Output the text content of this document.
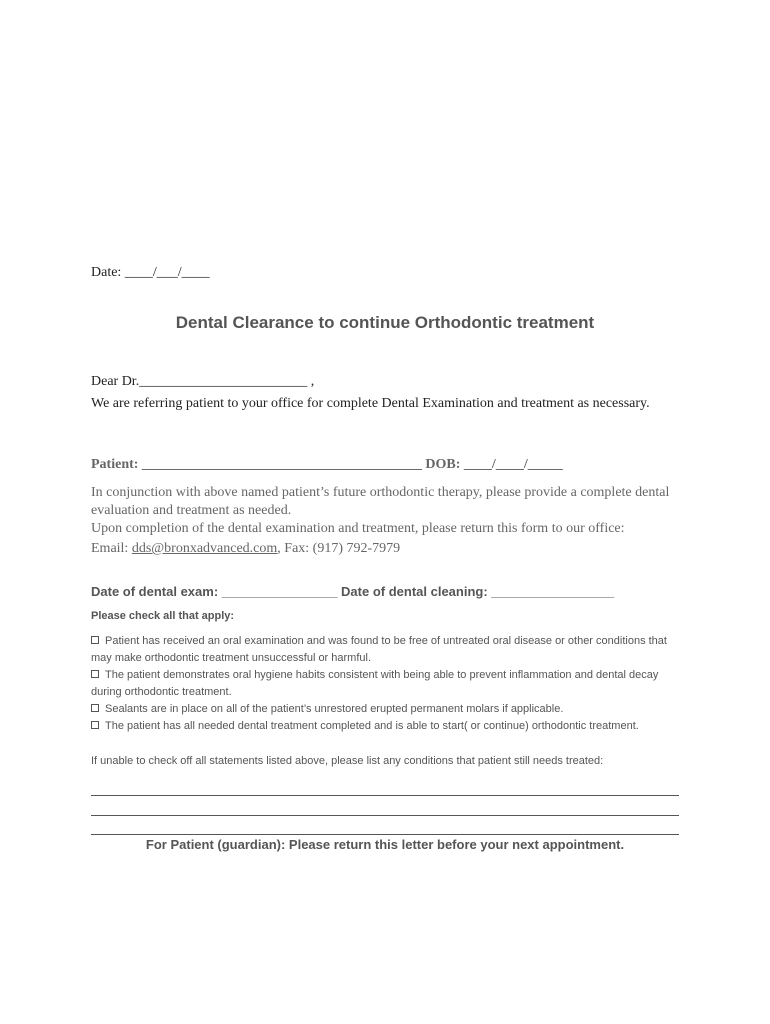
Date: ____/___/____
Dental Clearance to continue Orthodontic treatment
Dear Dr.________________________ ,
We are referring patient to your office for complete Dental Examination and treatment as necessary.
Patient: ________________________________________ DOB: ____/____/_____
In conjunction with above named patient’s future orthodontic therapy, please provide a complete dental evaluation and treatment as needed.
Upon completion of the dental examination and treatment, please return this form to our office:
Email: dds@bronxadvanced.com, Fax: (917) 792-7979
Date of dental exam: ________________ Date of dental cleaning: _________________
Please check all that apply:
Patient has received an oral examination and was found to be free of untreated oral disease or other conditions that may make orthodontic treatment unsuccessful or harmful.
The patient demonstrates oral hygiene habits consistent with being able to prevent inflammation and dental decay during orthodontic treatment.
Sealants are in place on all of the patient’s unrestored erupted permanent molars if applicable.
The patient has all needed dental treatment completed and is able to start( or continue) orthodontic treatment.
If unable to check off all statements listed above, please list any conditions that patient still needs treated:
For Patient (guardian): Please return this letter before your next appointment.
